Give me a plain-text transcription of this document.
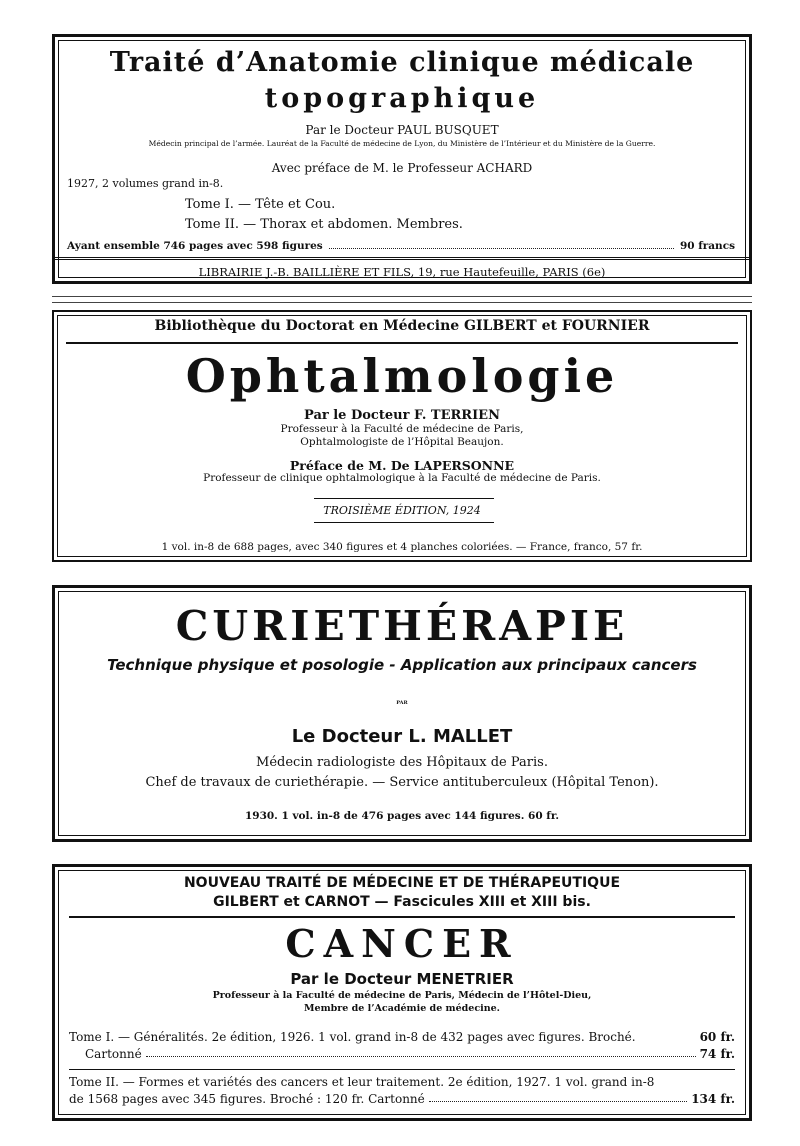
Traité d’Anatomie clinique médicale
topographique
Par le Docteur PAUL BUSQUET
Médecin principal de l’armée. Lauréat de la Faculté de médecine de Lyon, du Ministère de l’Intérieur et du Ministère de la Guerre.
Avec préface de M. le Professeur ACHARD
1927, 2 volumes grand in-8.
Tome I. — Tête et Cou.
Tome II. — Thorax et abdomen. Membres.
Ayant ensemble 746 pages avec 598 figures	90 francs
LIBRAIRIE J.-B. BAILLIÈRE ET FILS, 19, rue Hautefeuille, PARIS (6e)
Bibliothèque du Doctorat en Médecine GILBERT et FOURNIER
Ophtalmologie
Par le Docteur F. TERRIEN
Professeur à la Faculté de médecine de Paris,
Ophtalmologiste de l’Hôpital Beaujon.
Préface de M. De LAPERSONNE
Professeur de clinique ophtalmologique à la Faculté de médecine de Paris.
TROISIÈME ÉDITION, 1924
1 vol. in-8 de 688 pages, avec 340 figures et 4 planches coloriées. — France, franco, 57 fr.
CURIETHÉRAPIE
Technique physique et posologie - Application aux principaux cancers
PAR
Le Docteur L. MALLET
Médecin radiologiste des Hôpitaux de Paris.
Chef de travaux de curiethérapie. — Service antituberculeux (Hôpital Tenon).
1930. 1 vol. in-8 de 476 pages avec 144 figures. 60 fr.
NOUVEAU TRAITÉ DE MÉDECINE ET DE THÉRAPEUTIQUE
GILBERT et CARNOT — Fascicules XIII et XIII bis.
CANCER
Par le Docteur MENETRIER
Professeur à la Faculté de médecine de Paris, Médecin de l’Hôtel-Dieu,
Membre de l’Académie de médecine.
Tome I. — Généralités. 2e édition, 1926. 1 vol. grand in-8 de 432 pages avec figures. Broché.	60 fr.
Cartonné	74 fr.
Tome II. — Formes et variétés des cancers et leur traitement. 2e édition, 1927. 1 vol. grand in-8
de 1568 pages avec 345 figures. Broché : 120 fr. Cartonné	134 fr.
